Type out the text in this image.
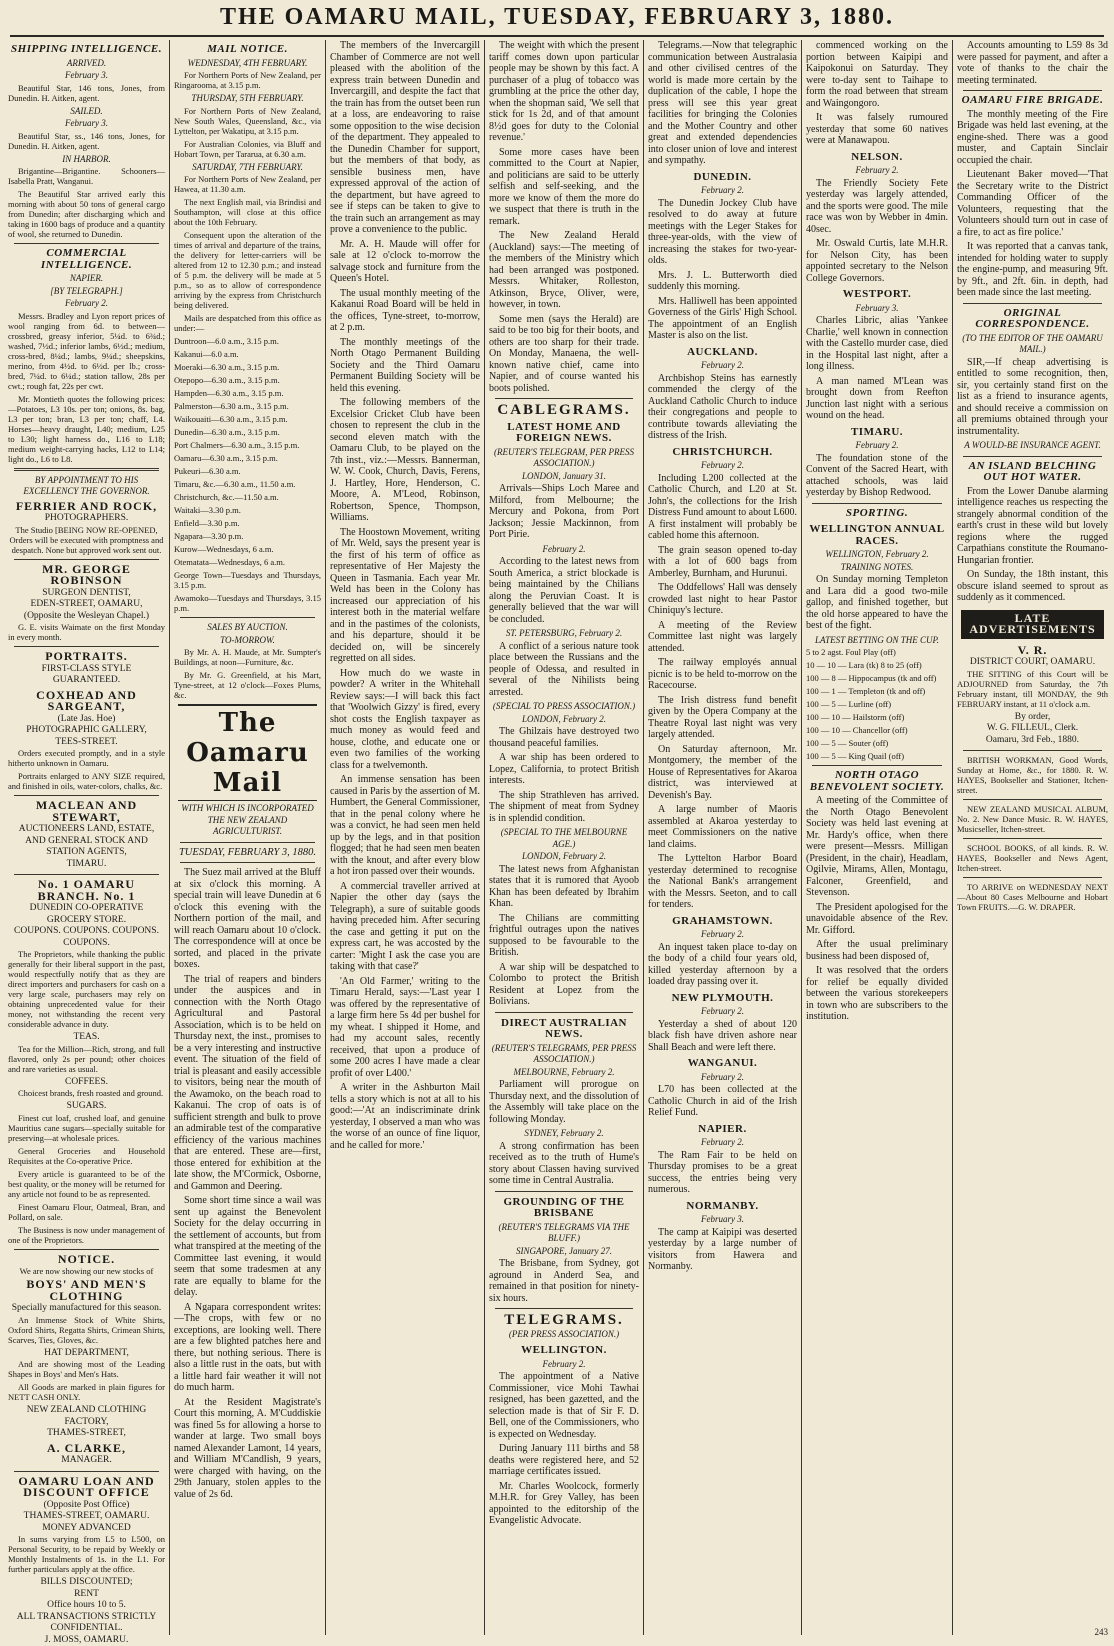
THE OAMARU MAIL, TUESDAY, FEBRUARY 3, 1880.
SHIPPING INTELLIGENCE.
ARRIVED.
February 3.

Beautiful Star, 146 tons, Jones, from Dunedin. H. Aitken, agent.

SAILED.
February 3.

Beautiful Star, ss., 146 tons, Jones, for Dunedin. H. Aitken, agent.

IN HARBOR.

Brigantine—Brigantine. Schooners—Isabella Pratt, Wanganui.

The Beautiful Star arrived early this morning with about 50 tons of general cargo from Dunedin; after discharging which and taking in 1600 bags of produce and a quantity of wool, she returned to Dunedin.

COMMERCIAL INTELLIGENCE.
NAPIER.
[BY TELEGRAPH.]
February 2.

Messrs. Bradley and Lyon report prices of wool ranging from 6d. to between—crossbred, greasy inferior, 5¼d. to 6¾d.; washed, 7½d.; inferior lambs, 6½d.; medium, cross-bred, 8¼d.; lambs, 9¼d.; sheepskins, merino, from 4½d. to 6½d. per lb.; cross-bred, 7¼d. to 6¼d.; station tallow, 28s per cwt.; rough fat, 22s per cwt.

Mr. Montieth quotes the following prices:—Potatoes, L3 10s. per ton; onions, 8s. bag, L3 per ton; bran, L3 per ton; chaff, L4. Horses—heavy draught, L40; medium, L25 to L30; light harness do., L16 to L18; medium weight-carrying hacks, L12 to L14; light do., L6 to L8.

BY APPOINTMENT TO HIS EXCELLENCY THE GOVERNOR.
FERRIER AND ROCK,
PHOTOGRAPHERS.

The Studio [BEING NOW RE-OPENED, Orders will be executed with promptness and despatch. None but approved work sent out.

MR. GEORGE ROBINSON
SURGEON DENTIST,
EDEN-STREET, OAMARU,
(Opposite the Wesleyan Chapel.)

G. E. visits Waimate on the first Monday in every month.

PORTRAITS.
FIRST-CLASS STYLE GUARANTEED.
COXHEAD AND SARGEANT,
(Late Jas. Hoe)
PHOTOGRAPHIC GALLERY,
TEES-STREET.

Orders executed promptly, and in a style hitherto unknown in Oamaru.

Portraits enlarged to ANY SIZE required, and finished in oils, water-colors, chalks, &c.

MACLEAN AND STEWART,
AUCTIONEERS LAND, ESTATE, AND GENERAL STOCK AND STATION AGENTS,
TIMARU.
No. 1 OAMARU BRANCH. No. 1
DUNEDIN CO-OPERATIVE GROCERY STORE.
COUPONS. COUPONS. COUPONS. COUPONS.

The Proprietors, while thanking the public generally for their liberal support in the past, would respectfully notify that as they are direct importers and purchasers for cash on a very large scale, purchasers may rely on obtaining unprecedented value for their money, not withstanding the recent very considerable advance in duty.

TEAS.

Tea for the Million—Rich, strong, and full flavored, only 2s per pound; other choices and rare varieties as usual.

COFFEES.

Choicest brands, fresh roasted and ground.

SUGARS.

Finest cut loaf, crushed loaf, and genuine Mauritius cane sugars—specially suitable for preserving—at wholesale prices.

General Groceries and Household Requisites at the Co-operative Price.

Every article is guaranteed to be of the best quality, or the money will be returned for any article not found to be as represented.

Finest Oamaru Flour, Oatmeal, Bran, and Pollard, on sale.

The Business is now under management of one of the Proprietors.

NOTICE.

We are now showing our new stocks of

BOYS' AND MEN'S CLOTHING
Specially manufactured for this season.

An Immense Stock of White Shirts, Oxford Shirts, Regatta Shirts, Crimean Shirts, Scarves, Ties, Gloves, &c.

HAT DEPARTMENT,

And are showing most of the Leading Shapes in Boys' and Men's Hats.

All Goods are marked in plain figures for NETT CASH ONLY.

NEW ZEALAND CLOTHING FACTORY,
THAMES-STREET,
A. CLARKE,
MANAGER.
OAMARU LOAN AND DISCOUNT OFFICE
(Opposite Post Office)
THAMES-STREET, OAMARU.
MONEY ADVANCED

In sums varying from L5 to L500, on Personal Security, to be repaid by Weekly or Monthly Instalments of 1s. in the L1. For further particulars apply at the office.

BILLS DISCOUNTED;
RENT
Office hours 10 to 5.
ALL TRANSACTIONS STRICTLY CONFIDENTIAL.
J. MOSS, OAMARU.
MAIL NOTICE.
WEDNESDAY, 4TH FEBRUARY.

For Northern Ports of New Zealand, per Ringarooma, at 3.15 p.m.

THURSDAY, 5TH FEBRUARY.

For Northern Ports of New Zealand, New South Wales, Queensland, &c., via Lyttelton, per Wakatipu, at 3.15 p.m.

For Australian Colonies, via Bluff and Hobart Town, per Tararua, at 6.30 a.m.

SATURDAY, 7TH FEBRUARY.

For Northern Ports of New Zealand, per Hawea, at 11.30 a.m.

The next English mail, via Brindisi and Southampton, will close at this office about the 10th February.

Consequent upon the alteration of the times of arrival and departure of the trains, the delivery for letter-carriers will be altered from 12 to 12.30 p.m.; and instead of 5 p.m. the delivery will be made at 5 p.m., so as to allow of correspondence arriving by the express from Christchurch being delivered.

Mails are despatched from this office as under:—

Duntroon—6.0 a.m., 3.15 p.m.

Kakanui—6.0 a.m.

Moeraki—6.30 a.m., 3.15 p.m.

Otepopo—6.30 a.m., 3.15 p.m.

Hampden—6.30 a.m., 3.15 p.m.

Palmerston—6.30 a.m., 3.15 p.m.

Waikouaiti—6.30 a.m., 3.15 p.m.

Dunedin—6.30 a.m., 3.15 p.m.

Port Chalmers—6.30 a.m., 3.15 p.m.

Oamaru—6.30 a.m., 3.15 p.m.

Pukeuri—6.30 a.m.

Timaru, &c.—6.30 a.m., 11.50 a.m.

Christchurch, &c.—11.50 a.m.

Waitaki—3.30 p.m.

Enfield—3.30 p.m.

Ngapara—3.30 p.m.

Kurow—Wednesdays, 6 a.m.

Otematata—Wednesdays, 6 a.m.

George Town—Tuesdays and Thursdays, 3.15 p.m.

Awamoko—Tuesdays and Thursdays, 3.15 p.m.

SALES BY AUCTION.
TO-MORROW.

By Mr. A. H. Maude, at Mr. Sumpter's Buildings, at noon—Furniture, &c.

By Mr. G. Greenfield, at his Mart, Tyne-street, at 12 o'clock—Foxes Plums, &c.

The Oamaru Mail
WITH WHICH IS INCORPORATED THE NEW ZEALAND AGRICULTURIST.
TUESDAY, FEBRUARY 3, 1880.

The Suez mail arrived at the Bluff at six o'clock this morning. A special train will leave Dunedin at 6 o'clock this evening with the Northern portion of the mail, and will reach Oamaru about 10 o'clock. The correspondence will at once be sorted, and placed in the private boxes.

The trial of reapers and binders under the auspices and in connection with the North Otago Agricultural and Pastoral Association, which is to be held on Thursday next, the inst., promises to be a very interesting and instructive event. The situation of the field of trial is pleasant and easily accessible to visitors, being near the mouth of the Awamoko, on the beach road to Kakanui. The crop of oats is of sufficient strength and bulk to prove an admirable test of the comparative efficiency of the various machines that are entered. These are—first, those entered for exhibition at the late show, the M'Cormick, Osborne, and Gammon and Deering.

Some short time since a wail was sent up against the Benevolent Society for the delay occurring in the settlement of accounts, but from what transpired at the meeting of the Committee last evening, it would seem that some tradesmen at any rate are equally to blame for the delay.

A Ngapara correspondent writes:—The crops, with few or no exceptions, are looking well. There are a few blighted patches here and there, but nothing serious. There is also a little rust in the oats, but with a little hard fair weather it will not do much harm.

At the Resident Magistrate's Court this morning, A. M'Cuddiskie was fined 5s for allowing a horse to wander at large. Two small boys named Alexander Lamont, 14 years, and William M'Candlish, 9 years, were charged with having, on the 29th January, stolen apples to the value of 2s 6d.

The members of the Invercargill Chamber of Commerce are not well pleased with the abolition of the express train between Dunedin and Invercargill, and despite the fact that the train has from the outset been run at a loss, are endeavoring to raise some opposition to the wise decision of the department. They appealed to the Dunedin Chamber for support, but the members of that body, as sensible business men, have expressed approval of the action of the department, but have agreed to see if steps can be taken to give to the train such an arrangement as may prove a convenience to the public.

Mr. A. H. Maude will offer for sale at 12 o'clock to-morrow the salvage stock and furniture from the Queen's Hotel.

The usual monthly meeting of the Kakanui Road Board will be held in the offices, Tyne-street, to-morrow, at 2 p.m.

The monthly meetings of the North Otago Permanent Building Society and the Third Oamaru Permanent Building Society will be held this evening.

The following members of the Excelsior Cricket Club have been chosen to represent the club in the second eleven match with the Oamaru Club, to be played on the 7th inst., viz.:—Messrs. Bannerman, W. W. Cook, Church, Davis, Ferens, J. Hartley, Hore, Henderson, C. Moore, A. M'Leod, Robinson, Robertson, Spence, Thompson, Williams.

The Hoostown Movement, writing of Mr. Weld, says the present year is the first of his term of office as representative of Her Majesty the Queen in Tasmania. Each year Mr. Weld has been in the Colony has increased our appreciation of his interest both in the material welfare and in the pastimes of the colonists, and his departure, should it be decided on, will be sincerely regretted on all sides.

How much do we waste in powder? A writer in the Whitehall Review says:—I will back this fact that 'Woolwich Gizzy' is fired, every shot costs the English taxpayer as much money as would feed and house, clothe, and educate one or even two families of the working class for a twelvemonth.

An immense sensation has been caused in Paris by the assertion of M. Humbert, the General Commissioner, that in the penal colony where he was a convict, he had seen men held up by the legs, and in that position flogged; that he had seen men beaten with the knout, and after every blow a hot iron passed over their wounds.

A commercial traveller arrived at Napier the other day (says the Telegraph), a sure of suitable goods having preceded him. After securing the case and getting it put on the express cart, he was accosted by the carter: 'Might I ask the case you are taking with that case?'

'An Old Farmer,' writing to the Timaru Herald, says:—'Last year I was offered by the representative of a large firm here 5s 4d per bushel for my wheat. I shipped it Home, and had my account sales, recently received, that upon a produce of some 200 acres I have made a clear profit of over L400.'

A writer in the Ashburton Mail tells a story which is not at all to his good:—'At an indiscriminate drink yesterday, I observed a man who was the worse of an ounce of fine liquor, and he called for more.'

The weight with which the present tariff comes down upon particular people may be shown by this fact. A purchaser of a plug of tobacco was grumbling at the price the other day, when the shopman said, 'We sell that stick for 1s 2d, and of that amount 8½d goes for duty to the Colonial revenue.'

Some more cases have been committed to the Court at Napier, and politicians are said to be utterly selfish and self-seeking, and the more we know of them the more do we suspect that there is truth in the remark.

The New Zealand Herald (Auckland) says:—The meeting of the members of the Ministry which had been arranged was postponed. Messrs. Whitaker, Rolleston, Atkinson, Bryce, Oliver, were, however, in town.

Some men (says the Herald) are said to be too big for their boots, and others are too sharp for their trade. On Monday, Manaena, the well-known native chief, came into Napier, and of course wanted his boots polished.

CABLEGRAMS.
LATEST HOME AND FOREIGN NEWS.
(REUTER'S TELEGRAM, PER PRESS ASSOCIATION.)
LONDON, January 31.

Arrivals—Ships Loch Maree and Milford, from Melbourne; the Mercury and Pokona, from Port Jackson; Jessie Mackinnon, from Port Pirie.

February 2.

According to the latest news from South America, a strict blockade is being maintained by the Chilians along the Peruvian Coast. It is generally believed that the war will be concluded.

ST. PETERSBURG, February 2.

A conflict of a serious nature took place between the Russians and the people of Odessa, and resulted in several of the Nihilists being arrested.

(SPECIAL TO PRESS ASSOCIATION.)
LONDON, February 2.

The Ghilzais have destroyed two thousand peaceful families.

A war ship has been ordered to Lopez, California, to protect British interests.

The ship Strathleven has arrived. The shipment of meat from Sydney is in splendid condition.

(SPECIAL TO THE MELBOURNE AGE.)
LONDON, February 2.

The latest news from Afghanistan states that it is rumored that Ayoob Khan has been defeated by Ibrahim Khan.

The Chilians are committing frightful outrages upon the natives supposed to be favourable to the British.

A war ship will be despatched to Colombo to protect the British Resident at Lopez from the Bolivians.

DIRECT AUSTRALIAN NEWS.
(REUTER'S TELEGRAMS, PER PRESS ASSOCIATION.)
MELBOURNE, February 2.

Parliament will prorogue on Thursday next, and the dissolution of the Assembly will take place on the following Monday.

SYDNEY, February 2.

A strong confirmation has been received as to the truth of Hume's story about Classen having survived some time in Central Australia.

GROUNDING OF THE BRISBANE
(REUTER'S TELEGRAMS VIA THE BLUFF.)
SINGAPORE, January 27.

The Brisbane, from Sydney, got aground in Anderd Sea, and remained in that position for ninety-six hours.

TELEGRAMS.
(PER PRESS ASSOCIATION.)
WELLINGTON.
February 2.

The appointment of a Native Commissioner, vice Mohi Tawhai resigned, has been gazetted, and the selection made is that of Sir F. D. Bell, one of the Commissioners, who is expected on Wednesday.

During January 111 births and 58 deaths were registered here, and 52 marriage certificates issued.

Mr. Charles Woolcock, formerly M.H.R. for Grey Valley, has been appointed to the editorship of the Evangelistic Advocate.

Telegrams.—Now that telegraphic communication between Australasia and other civilised centres of the world is made more certain by the duplication of the cable, I hope the press will see this year great facilities for bringing the Colonies and the Mother Country and other great and extended dependencies into closer union of love and interest and sympathy.

DUNEDIN.
February 2.

The Dunedin Jockey Club have resolved to do away at future meetings with the Leger Stakes for three-year-olds, with the view of increasing the stakes for two-year-olds.

Mrs. J. L. Butterworth died suddenly this morning.

Mrs. Halliwell has been appointed Governess of the Girls' High School. The appointment of an English Master is also on the list.

AUCKLAND.
February 2.

Archbishop Steins has earnestly commended the clergy of the Auckland Catholic Church to induce their congregations and people to contribute towards alleviating the distress of the Irish.

CHRISTCHURCH.
February 2.

Including L200 collected at the Catholic Church, and L20 at St. John's, the collections for the Irish Distress Fund amount to about L600. A first instalment will probably be cabled home this afternoon.

The grain season opened to-day with a lot of 600 bags from Amberley, Burnham, and Hurunui.

The Oddfellows' Hall was densely crowded last night to hear Pastor Chiniquy's lecture.

A meeting of the Review Committee last night was largely attended.

The railway employés annual picnic is to be held to-morrow on the Racecourse.

The Irish distress fund benefit given by the Opera Company at the Theatre Royal last night was very largely attended.

On Saturday afternoon, Mr. Montgomery, the member of the House of Representatives for Akaroa district, was interviewed at Devenish's Bay.

A large number of Maoris assembled at Akaroa yesterday to meet Commissioners on the native land claims.

The Lyttelton Harbor Board yesterday determined to recognise the National Bank's arrangement with the Messrs. Seeton, and to call for tenders.

GRAHAMSTOWN.
February 2.

An inquest taken place to-day on the body of a child four years old, killed yesterday afternoon by a loaded dray passing over it.

NEW PLYMOUTH.
February 2.

Yesterday a shed of about 120 black fish have driven ashore near Shall Beach and were left there.

WANGANUI.
February 2.

L70 has been collected at the Catholic Church in aid of the Irish Relief Fund.

NAPIER.
February 2.

The Ram Fair to be held on Thursday promises to be a great success, the entries being very numerous.

NORMANBY.
February 3.

The camp at Kaipipi was deserted yesterday by a large number of visitors from Hawera and Normanby.

commenced working on the portion between Kaipipi and Kaipokonui on Saturday. They were to-day sent to Taihape to form the road between that stream and Waingongoro.

It was falsely rumoured yesterday that some 60 natives were at Manawapou.

NELSON.
February 2.

The Friendly Society Fete yesterday was largely attended, and the sports were good. The mile race was won by Webber in 4min. 40sec.

Mr. Oswald Curtis, late M.H.R. for Nelson City, has been appointed secretary to the Nelson College Governors.

WESTPORT.
February 3.

Charles Libric, alias 'Yankee Charlie,' well known in connection with the Castello murder case, died in the Hospital last night, after a long illness.

A man named M'Lean was brought down from Reefton Junction last night with a serious wound on the head.

TIMARU.
February 2.

The foundation stone of the Convent of the Sacred Heart, with attached schools, was laid yesterday by Bishop Redwood.

SPORTING.
WELLINGTON ANNUAL RACES.
WELLINGTON, February 2.
TRAINING NOTES.

On Sunday morning Templeton and Lara did a good two-mile gallop, and finished together, but the old horse appeared to have the best of the fight.

LATEST BETTING ON THE CUP.

5 to 2 agst. Foul Play (off)

10 — 10 — Lara (tk) 8 to 25 (off)

100 — 8 — Hippocampus (tk and off)

100 — 1 — Templeton (tk and off)

100 — 5 — Lurline (off)

100 — 10 — Hailstorm (off)

100 — 10 — Chancellor (off)

100 — 5 — Souter (off)

100 — 5 — King Quail (off)

NORTH OTAGO BENEVOLENT SOCIETY.

A meeting of the Committee of the North Otago Benevolent Society was held last evening at Mr. Hardy's office, when there were present—Messrs. Milligan (President, in the chair), Headlam, Ogilvie, Mirams, Allen, Montagu, Falconer, Greenfield, and Stevenson.

The President apologised for the unavoidable absence of the Rev. Mr. Gifford.

After the usual preliminary business had been disposed of,

It was resolved that the orders for relief be equally divided between the various storekeepers in town who are subscribers to the institution.

Accounts amounting to L59 8s 3d were passed for payment, and after a vote of thanks to the chair the meeting terminated.

OAMARU FIRE BRIGADE.

The monthly meeting of the Fire Brigade was held last evening, at the engine-shed. There was a good muster, and Captain Sinclair occupied the chair.

Lieutenant Baker moved—'That the Secretary write to the District Commanding Officer of the Volunteers, requesting that the Volunteers should turn out in case of a fire, to act as fire police.'

It was reported that a canvas tank, intended for holding water to supply the engine-pump, and measuring 9ft. by 9ft., and 2ft. 6in. in depth, had been made since the last meeting.

ORIGINAL CORRESPONDENCE.
(TO THE EDITOR OF THE OAMARU MAIL.)

SIR,—If cheap advertising is entitled to some recognition, then, sir, you certainly stand first on the list as a friend to insurance agents, and should receive a commission on all premiums obtained through your instrumentality.

A WOULD-BE INSURANCE AGENT.
AN ISLAND BELCHING OUT HOT WATER.

From the Lower Danube alarming intelligence reaches us respecting the strangely abnormal condition of the earth's crust in these wild but lovely regions where the rugged Carpathians constitute the Roumano-Hungarian frontier.

On Sunday, the 18th instant, this obscure island seemed to sprout as suddenly as it commenced.

LATE ADVERTISEMENTS
V. R.
DISTRICT COURT, OAMARU.

THE SITTING of this Court will be ADJOURNED from Saturday, the 7th February instant, till MONDAY, the 9th FEBRUARY instant, at 11 o'clock a.m.

By order,
W. G. FILLEUL, Clerk.
Oamaru, 3rd Feb., 1880.

BRITISH WORKMAN, Good Words, Sunday at Home, &c., for 1880. R. W. HAYES, Bookseller and Stationer, Itchen-street.

NEW ZEALAND MUSICAL ALBUM, No. 2. New Dance Music. R. W. HAYES, Musicseller, Itchen-street.

SCHOOL BOOKS, of all kinds. R. W. HAYES, Bookseller and News Agent, Itchen-street.

TO ARRIVE on WEDNESDAY NEXT—About 80 Cases Melbourne and Hobart Town FRUITS.—G. W. DRAPER.

243
